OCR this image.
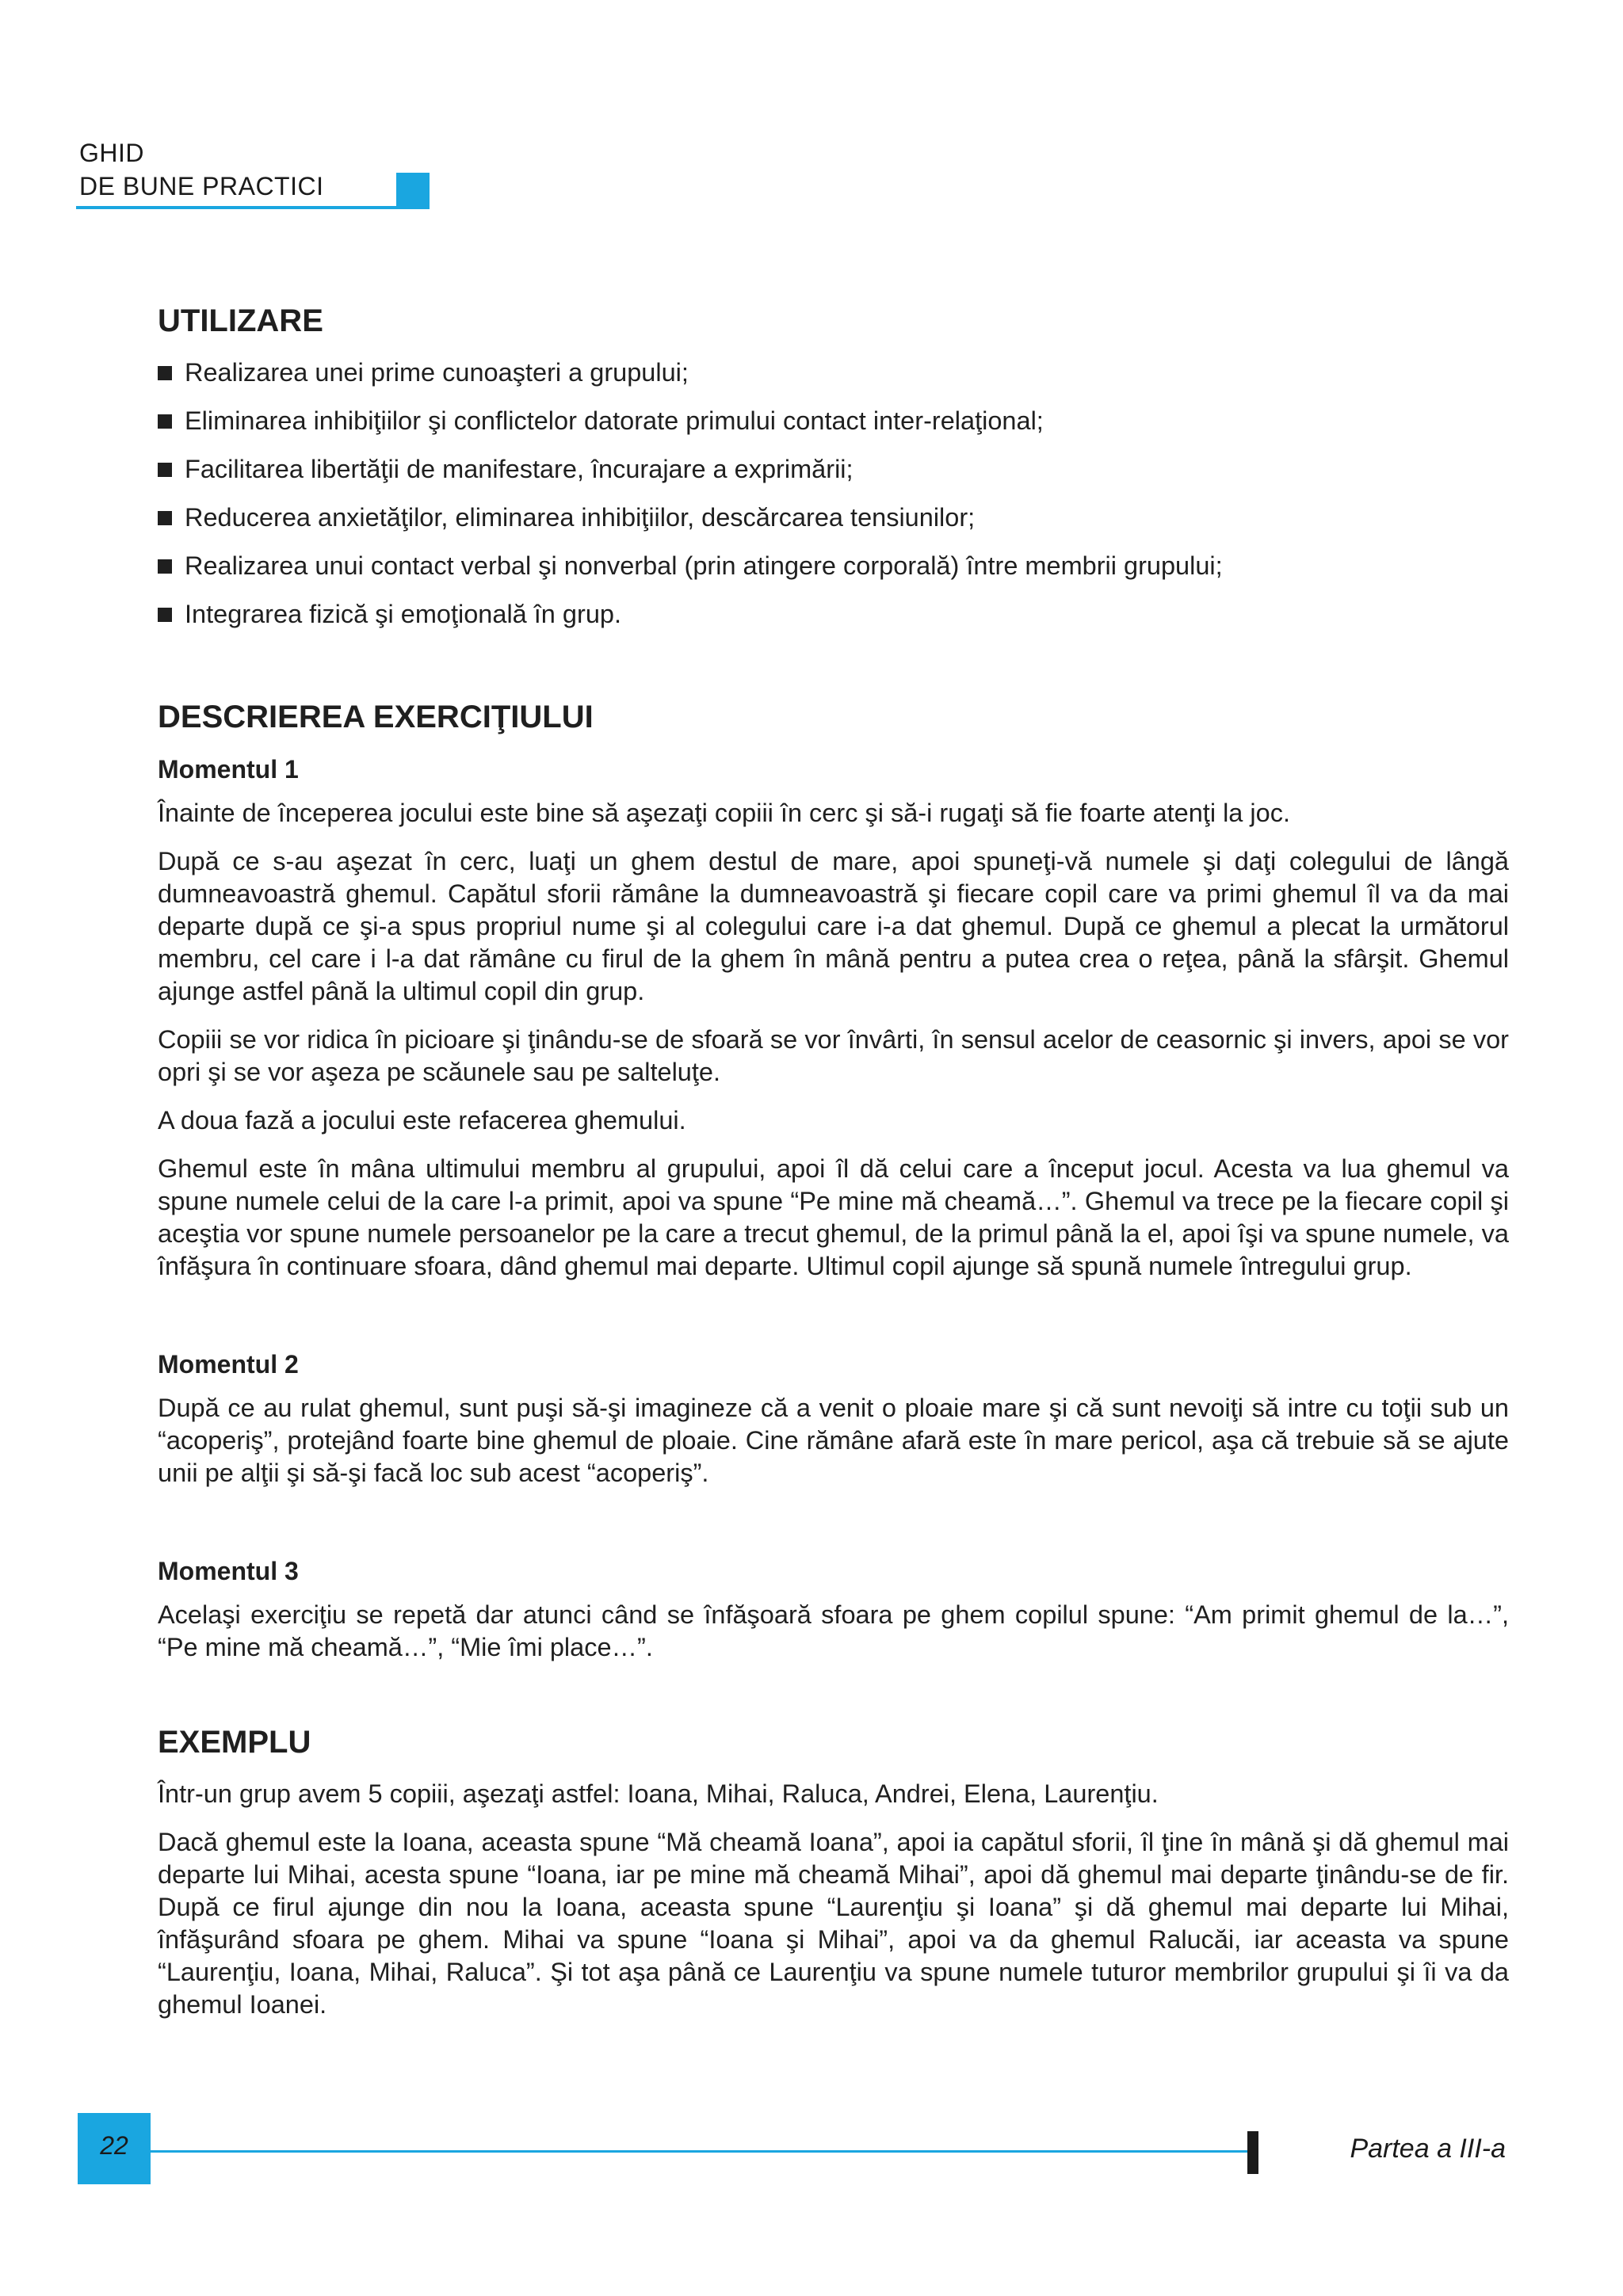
GHID
DE BUNE PRACTICI
UTILIZARE
Realizarea unei prime cunoaşteri a grupului;
Eliminarea inhibiţiilor şi conflictelor datorate primului contact inter-relaţional;
Facilitarea libertăţii de manifestare, încurajare a exprimării;
Reducerea anxietăţilor, eliminarea inhibiţiilor, descărcarea tensiunilor;
Realizarea unui contact verbal şi nonverbal (prin atingere corporală) între membrii grupului;
Integrarea fizică şi emoţională în grup.
DESCRIEREA EXERCIŢIULUI
Momentul 1

Înainte de începerea jocului este bine să aşezaţi copiii în cerc şi să-i rugaţi să fie foarte atenţi la joc.

După ce s-au aşezat în cerc, luaţi un ghem destul de mare, apoi spuneţi-vă numele şi daţi colegului de lângă dumneavoastră ghemul. Capătul sforii rămâne la dumneavoastră şi fiecare copil care va primi ghemul îl va da mai departe după ce şi-a spus propriul nume şi al colegului care i-a dat ghemul. După ce ghemul a plecat la următorul membru, cel care i l-a dat rămâne cu firul de la ghem în mână pentru a putea crea o reţea, până la sfârşit. Ghemul ajunge astfel până la ultimul copil din grup.

Copiii se vor ridica în picioare şi ţinându-se de sfoară se vor învârti, în sensul acelor de ceasornic şi invers, apoi se vor opri şi se vor aşeza pe scăunele sau pe salteluţe.

A doua fază a jocului este refacerea ghemului.

Ghemul este în mâna ultimului membru al grupului, apoi îl dă celui care a început jocul. Acesta va lua ghemul va spune numele celui de la care l-a primit, apoi va spune “Pe mine mă cheamă…”. Ghemul va trece pe la fiecare copil şi aceştia vor spune numele persoanelor pe la care a trecut ghemul, de la primul până la el, apoi îşi va spune numele, va înfăşura în continuare sfoara, dând ghemul mai departe. Ultimul copil ajunge să spună numele întregului grup.

Momentul 2

După ce au rulat ghemul, sunt puşi să-şi imagineze că a venit o ploaie mare şi că sunt nevoiţi să intre cu toţii sub un “acoperiş”, protejând foarte bine ghemul de ploaie. Cine rămâne afară este în mare pericol, aşa că trebuie să se ajute unii pe alţii şi să-şi facă loc sub acest “acoperiş”.

Momentul 3

Acelaşi exerciţiu se repetă dar atunci când se înfăşoară sfoara pe ghem copilul spune: “Am primit ghemul de la…”, “Pe mine mă cheamă…”, “Mie îmi place…”.

EXEMPLU

Într-un grup avem 5 copiii, aşezaţi astfel: Ioana, Mihai, Raluca, Andrei, Elena, Laurenţiu.

Dacă ghemul este la Ioana, aceasta spune “Mă cheamă Ioana”, apoi ia capătul sforii, îl ţine în mână şi dă ghemul mai departe lui Mihai, acesta spune “Ioana, iar pe mine mă cheamă Mihai”, apoi dă ghemul mai departe ţinându-se de fir. După ce firul ajunge din nou la Ioana, aceasta spune “Laurenţiu şi Ioana” şi dă ghemul mai departe lui Mihai, înfăşurând sfoara pe ghem. Mihai va spune “Ioana şi Mihai”, apoi va da ghemul Ralucăi, iar aceasta va spune “Laurenţiu, Ioana, Mihai, Raluca”. Şi tot aşa până ce Laurenţiu va spune numele tuturor membrilor grupului şi îi va da ghemul Ioanei.

22	Partea a III-a
